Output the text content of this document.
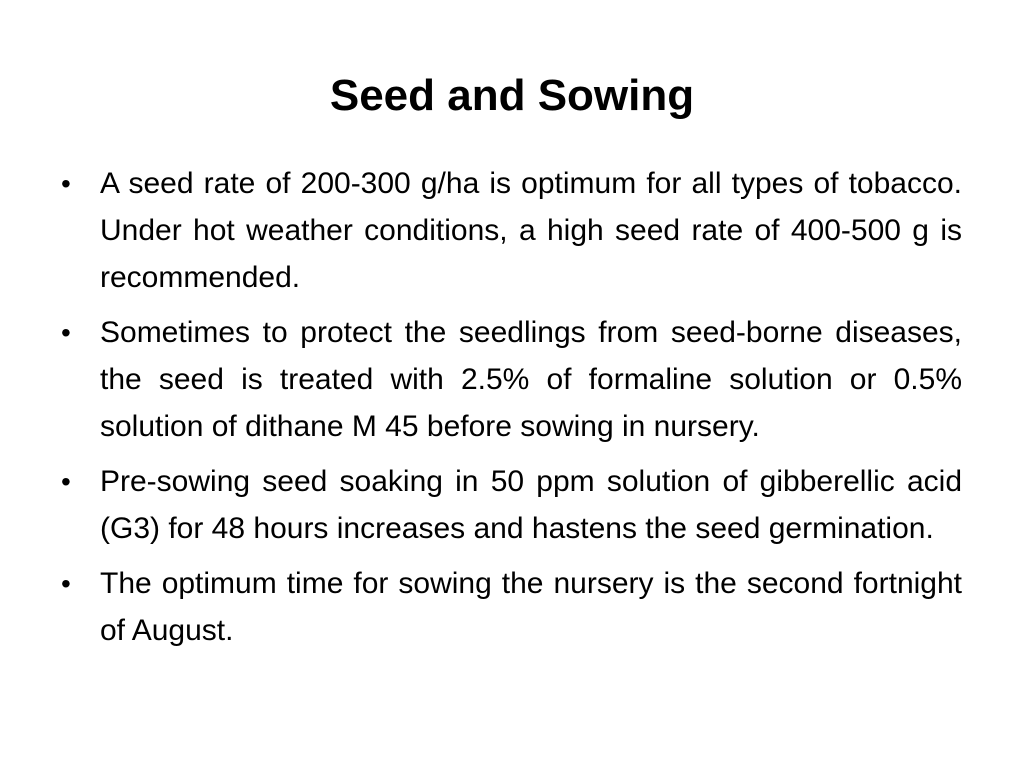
Seed and Sowing
• A seed rate of 200-300 g/ha is optimum for all types of tobacco. Under hot weather conditions, a high seed rate of 400-500 g is recommended.
• Sometimes to protect the seedlings from seed-borne diseases, the seed is treated with 2.5% of formaline solution or 0.5% solution of dithane M 45 before sowing in nursery.
• Pre-sowing seed soaking in 50 ppm solution of gibberellic acid (G3) for 48 hours increases and hastens the seed germination.
• The optimum time for sowing the nursery is the second fortnight of August.
